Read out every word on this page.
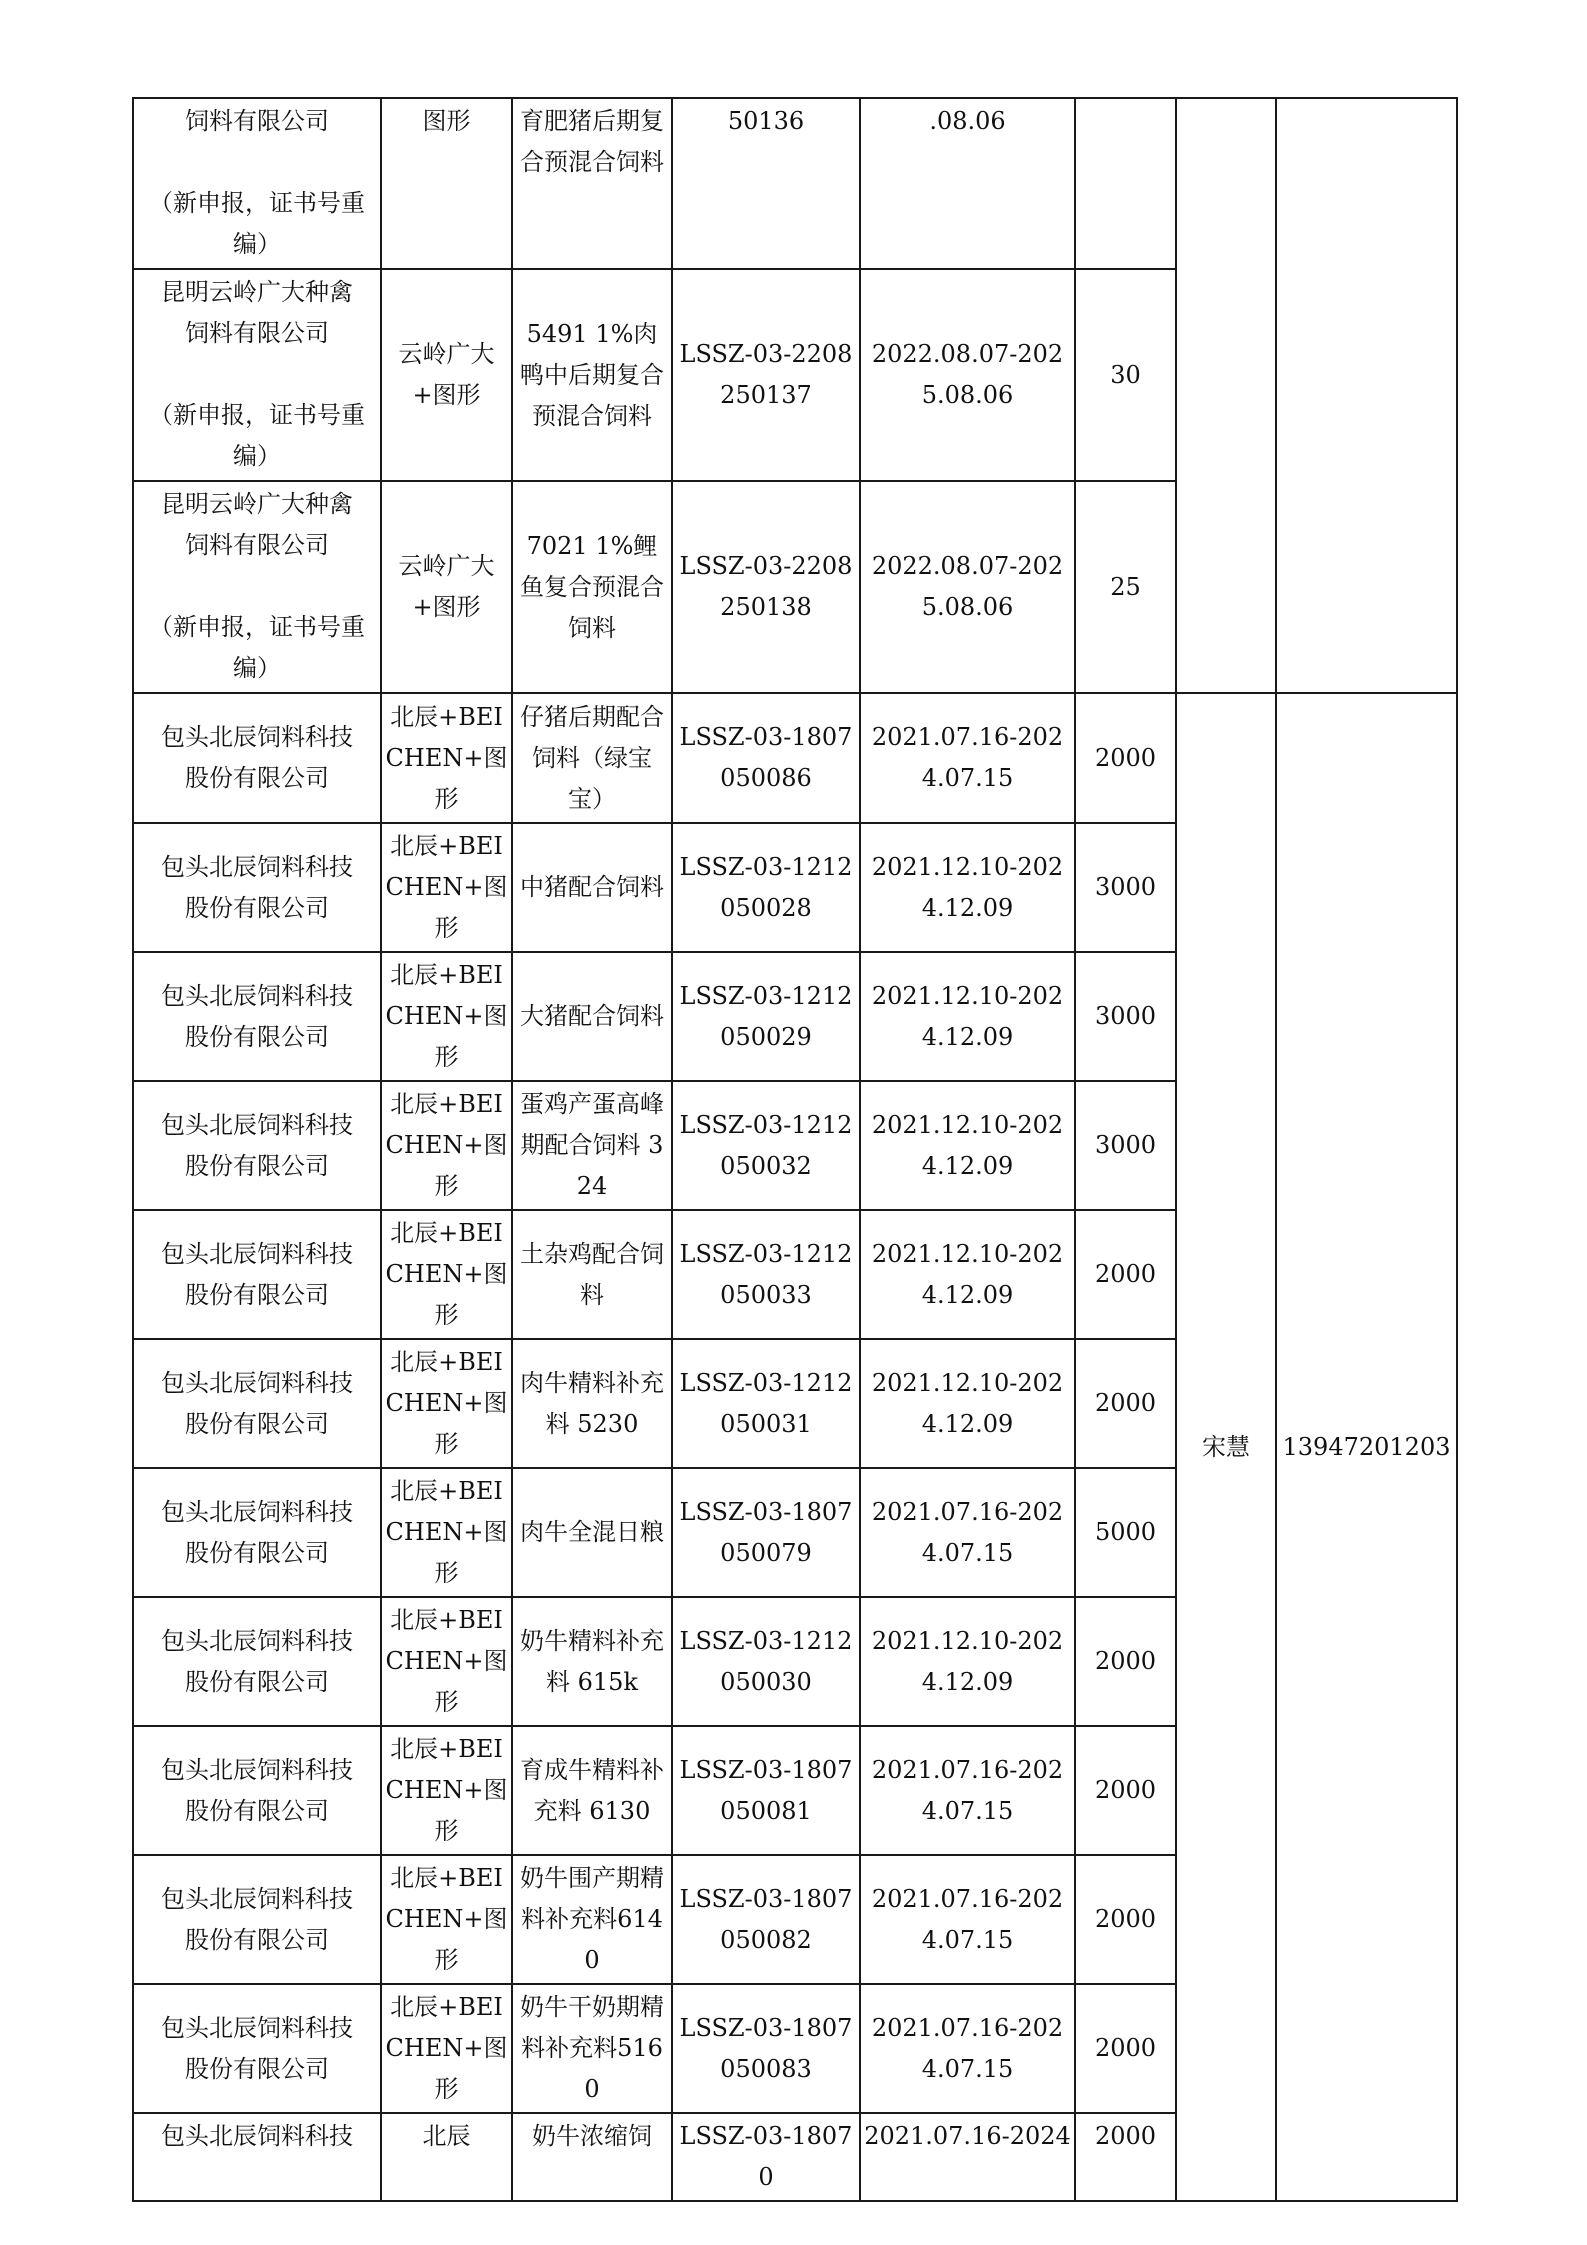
饲料有限公司
（新申报，证书号重
编）	图形	育肥猪后期复合预混合饲料	50136	.08.06			

昆明云岭广大种禽
饲料有限公司
（新申报，证书号重
编）	云岭广大+图形	5491 1%肉鸭中后期复合预混合饲料	LSSZ-03-2208250137	2022.08.07-2025.08.06	30		

昆明云岭广大种禽
饲料有限公司
（新申报，证书号重
编）	云岭广大+图形	7021 1%鲤鱼复合预混合饲料	LSSZ-03-2208250138	2022.08.07-2025.08.06	25		

包头北辰饲料科技
股份有限公司	北辰+BEICHEN+图形	仔猪后期配合饲料（绿宝宝）	LSSZ-03-1807050086	2021.07.16-2024.07.15	2000	宋慧	13947201203

包头北辰饲料科技
股份有限公司	北辰+BEICHEN+图形	中猪配合饲料	LSSZ-03-1212050028	2021.12.10-2024.12.09	3000		

包头北辰饲料科技
股份有限公司	北辰+BEICHEN+图形	大猪配合饲料	LSSZ-03-1212050029	2021.12.10-2024.12.09	3000		

包头北辰饲料科技
股份有限公司	北辰+BEICHEN+图形	蛋鸡产蛋高峰期配合饲料 324	LSSZ-03-1212050032	2021.12.10-2024.12.09	3000		

包头北辰饲料科技
股份有限公司	北辰+BEICHEN+图形	土杂鸡配合饲料	LSSZ-03-1212050033	2021.12.10-2024.12.09	2000		

包头北辰饲料科技
股份有限公司	北辰+BEICHEN+图形	肉牛精料补充料 5230	LSSZ-03-1212050031	2021.12.10-2024.12.09	2000		

包头北辰饲料科技
股份有限公司	北辰+BEICHEN+图形	肉牛全混日粮	LSSZ-03-1807050079	2021.07.16-2024.07.15	5000		

包头北辰饲料科技
股份有限公司	北辰+BEICHEN+图形	奶牛精料补充料 615k	LSSZ-03-1212050030	2021.12.10-2024.12.09	2000		

包头北辰饲料科技
股份有限公司	北辰+BEICHEN+图形	育成牛精料补充料 6130	LSSZ-03-1807050081	2021.07.16-2024.07.15	2000		

包头北辰饲料科技
股份有限公司	北辰+BEICHEN+图形	奶牛围产期精料补充料6140	LSSZ-03-1807050082	2021.07.16-2024.07.15	2000		

包头北辰饲料科技
股份有限公司	北辰+BEICHEN+图形	奶牛干奶期精料补充料5160	LSSZ-03-1807050083	2021.07.16-2024.07.15	2000		

包头北辰饲料科技	北辰	奶牛浓缩饲	LSSZ-03-18070	2021.07.16-2024	2000		
